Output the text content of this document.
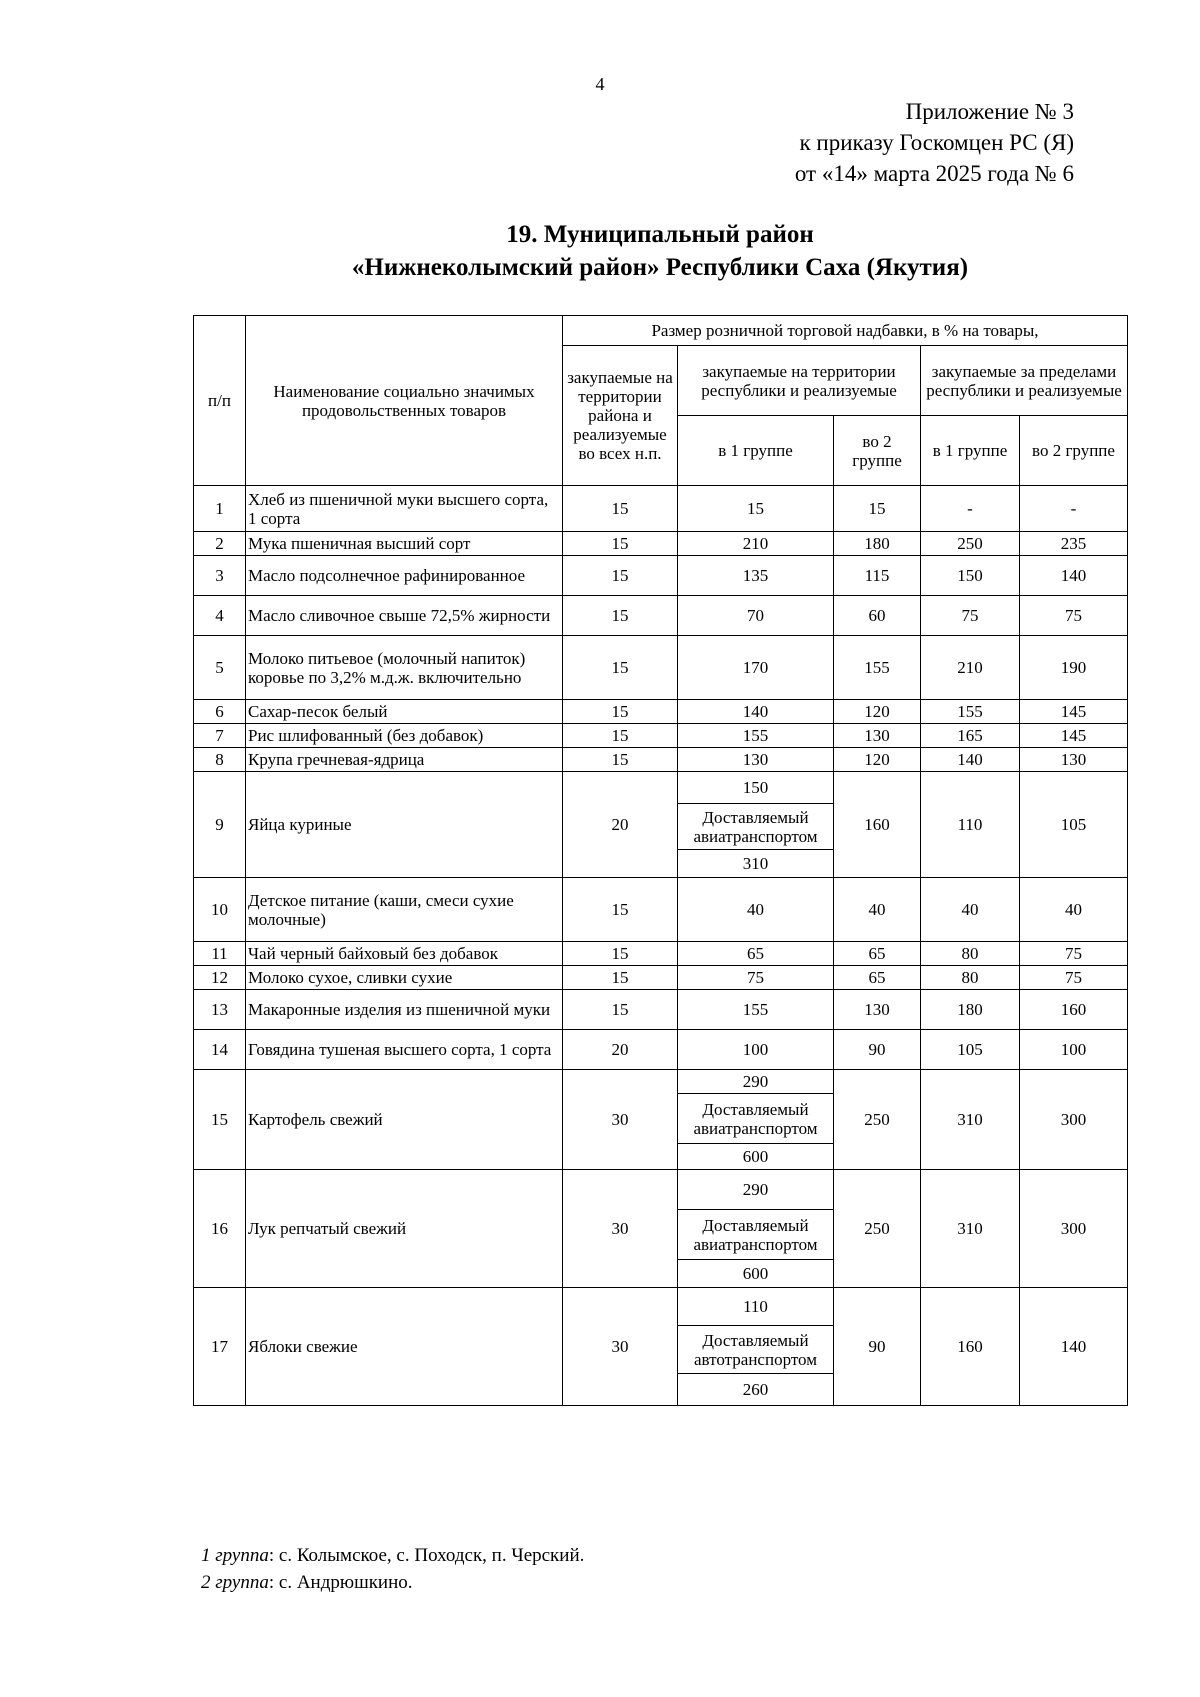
4
Приложение № 3
к приказу Госкомцен РС (Я)
от «14» марта 2025 года № 6
19. Муниципальный район
«Нижнеколымский район» Республики Саха (Якутия)
п/п	Наименование социально значимых продовольственных товаров	Размер розничной торговой надбавки, в % на товары,				
		закупаемые на территории района и реализуемые во всех н.п.	закупаемые на территории республики и реализуемые		закупаемые за пределами республики и реализуемые	
			в 1 группе	во 2 группе	в 1 группе	во 2 группе
1	Хлеб из пшеничной муки высшего сорта, 1 сорта	15	15	15	-	-
2	Мука пшеничная высший сорт	15	210	180	250	235
3	Масло подсолнечное рафинированное	15	135	115	150	140
4	Масло сливочное свыше 72,5% жирности	15	70	60	75	75
5	Молоко питьевое (молочный напиток) коровье по 3,2% м.д.ж. включительно	15	170	155	210	190
6	Сахар-песок белый	15	140	120	155	145
7	Рис шлифованный (без добавок)	15	155	130	165	145
8	Крупа гречневая-ядрица	15	130	120	140	130
9	Яйца куриные	20	150	160	110	105
			Доставляемый авиатранспортом			
			310			
10	Детское питание (каши, смеси сухие молочные)	15	40	40	40	40
11	Чай черный байховый без добавок	15	65	65	80	75
12	Молоко сухое, сливки сухие	15	75	65	80	75
13	Макаронные изделия из пшеничной муки	15	155	130	180	160
14	Говядина тушеная высшего сорта, 1 сорта	20	100	90	105	100
15	Картофель свежий	30	290	250	310	300
			Доставляемый авиатранспортом			
			600			
16	Лук репчатый свежий	30	290	250	310	300
			Доставляемый авиатранспортом			
			600			
17	Яблоки свежие	30	110	90	160	140
			Доставляемый автотранспортом			
			260			
1 группа: с. Колымское, с. Походск, п. Черский.
2 группа: с. Андрюшкино.
